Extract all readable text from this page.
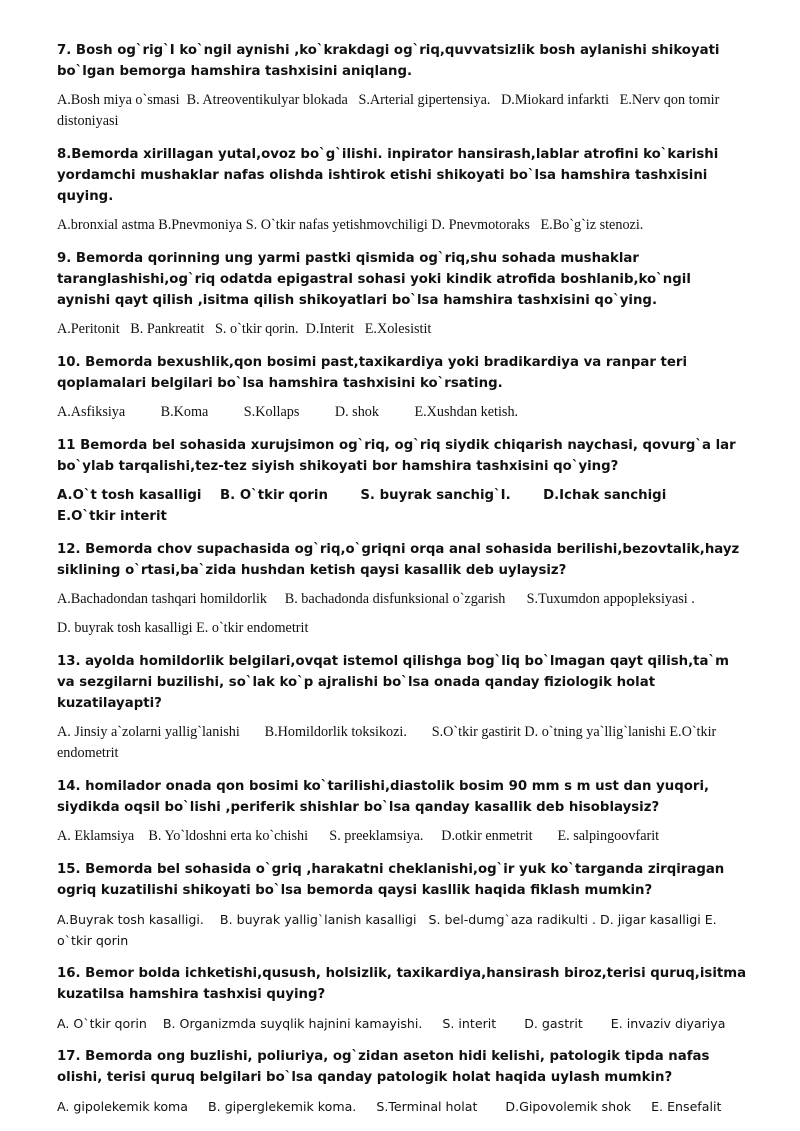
7. Bosh og`rig`I ko`ngil aynishi ,ko`krakdagi og`riq,quvvatsizlik bosh aylanishi shikoyati bo`lgan bemorga hamshira tashxisini aniqlang.

A.Bosh miya o`smasi  B. Atreoventikulyar blokada   S.Arterial gipertensiya.   D.Miokard infarkti   E.Nerv qon tomir distoniyasi

8.Bemorda xirillagan yutal,ovoz bo`g`ilishi. inpirator hansirash,lablar atrofini ko`karishi yordamchi mushaklar nafas olishda ishtirok etishi shikoyati bo`lsa hamshira tashxisini quying.

A.bronxial astma B.Pnevmoniya S. O`tkir nafas yetishmovchiligi D. Pnevmotoraks   E.Bo`g`iz stenozi.

9. Bemorda qorinning ung yarmi pastki qismida og`riq,shu sohada mushaklar taranglashishi,og`riq odatda epigastral sohasi yoki kindik atrofida boshlanib,ko`ngil aynishi qayt qilish ,isitma qilish shikoyatlari bo`lsa hamshira tashxisini qo`ying.

A.Peritonit   B. Pankreatit   S. o`tkir qorin.  D.Interit   E.Xolesistit

10. Bemorda bexushlik,qon bosimi past,taxikardiya yoki bradikardiya va ranpar teri qoplamalari belgilari bo`lsa hamshira tashxisini ko`rsating.

A.Asfiksiya          B.Koma          S.Kollaps          D. shok          E.Xushdan ketish.

11 Bemorda bel sohasida xurujsimon og`riq, og`riq siydik chiqarish naychasi, qovurg`a lar bo`ylab tarqalishi,tez-tez siyish shikoyati bor hamshira tashxisini qo`ying?

A.O`t tosh kasalligi    B. O`tkir qorin       S. buyrak sanchig`I.       D.Ichak sanchigi      E.O`tkir interit

12. Bemorda chov supachasida og`riq,o`griqni orqa anal sohasida berilishi,bezovtalik,hayz siklining o`rtasi,ba`zida hushdan ketish qaysi kasallik deb uylaysiz?

A.Bachadondan tashqari homildorlik     B. bachadonda disfunksional o`zgarish      S.Tuxumdon appopleksiyasi .

D. buyrak tosh kasalligi E. o`tkir endometrit

13. ayolda homildorlik belgilari,ovqat istemol qilishga bog`liq bo`lmagan qayt qilish,ta`m va sezgilarni buzilishi, so`lak ko`p ajralishi bo`lsa onada qanday fiziologik holat kuzatilayapti?

A. Jinsiy a`zolarni yallig`lanishi       B.Homildorlik toksikozi.       S.O`tkir gastirit D. o`tning ya`llig`lanishi E.O`tkir endometrit

14. homilador onada qon bosimi ko`tarilishi,diastolik bosim 90 mm s m ust dan yuqori, siydikda oqsil bo`lishi ,periferik shishlar bo`lsa qanday kasallik deb hisoblaysiz?

A. Eklamsiya    B. Yo`ldoshni erta ko`chishi      S. preeklamsiya.     D.otkir enmetrit       E. salpingoovfarit

15. Bemorda bel sohasida o`griq ,harakatni cheklanishi,og`ir yuk ko`targanda zirqiragan ogriq kuzatilishi shikoyati bo`lsa bemorda qaysi kasllik haqida fiklash mumkin?

A.Buyrak tosh kasalligi.    B. buyrak yallig`lanish kasalligi   S. bel-dumg`aza radikulti . D. jigar kasalligi E. o`tkir qorin

16. Bemor bolda ichketishi,qusush, holsizlik, taxikardiya,hansirash biroz,terisi quruq,isitma kuzatilsa hamshira tashxisi quying?

A. O`tkir qorin    B. Organizmda suyqlik hajnini kamayishi.     S. interit       D. gastrit       E. invaziv diyariya

17. Bemorda ong buzlishi, poliuriya, og`zidan aseton hidi kelishi, patologik tipda nafas olishi, terisi quruq belgilari bo`lsa qanday patologik holat haqida uylash mumkin?

A. gipolekemik koma     B. giperglekemik koma.     S.Terminal holat       D.Gipovolemik shok     E. Ensefalit
